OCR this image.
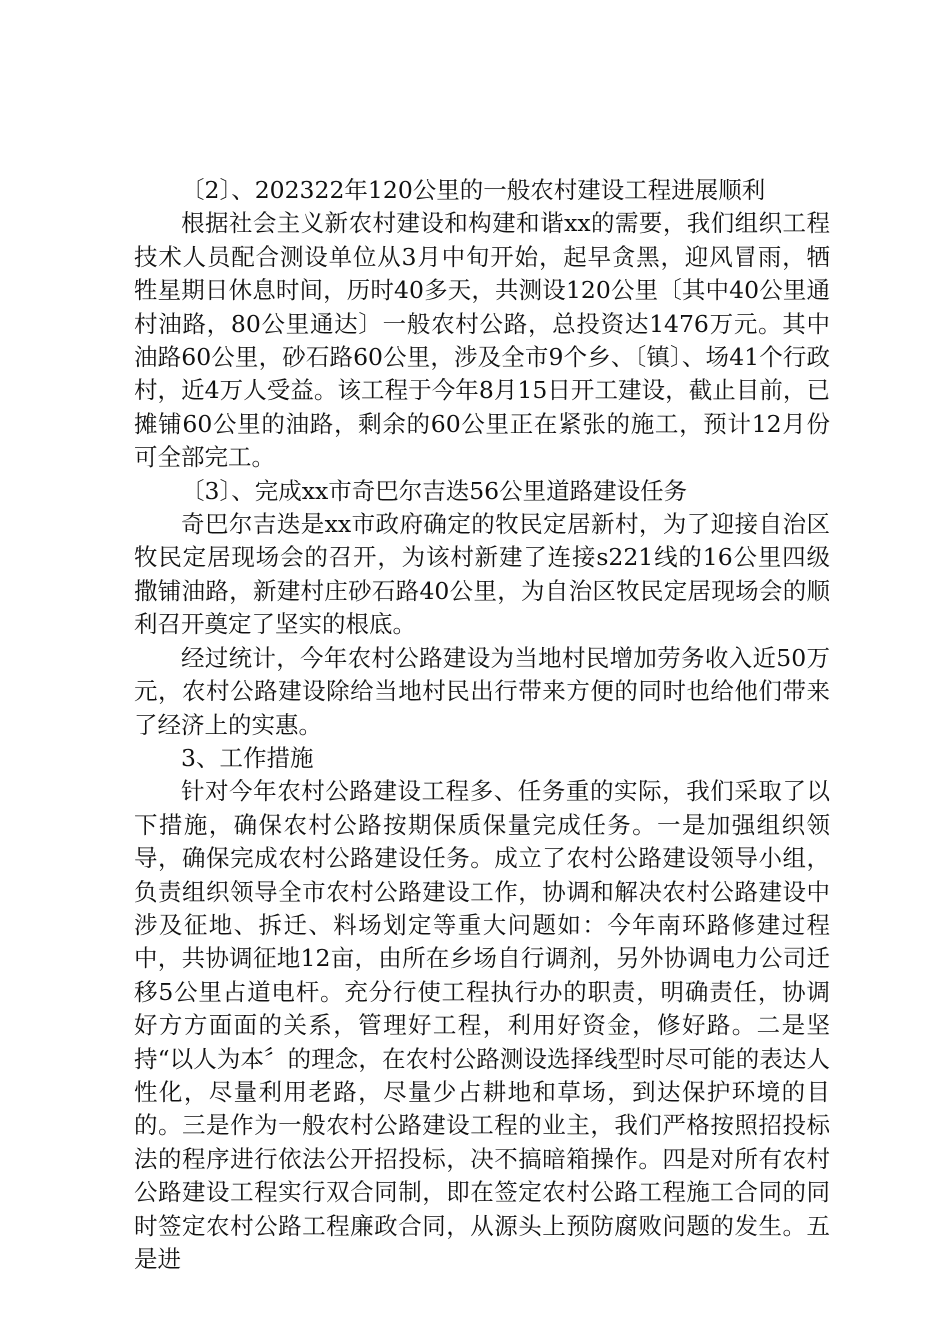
〔2〕、202322年120公里的一般农村建设工程进展顺利

根据社会主义新农村建设和构建和谐xx的需要，我们组织工程技术人员配合测设单位从3月中旬开始，起早贪黑，迎风冒雨，牺牲星期日休息时间，历时40多天，共测设120公里〔其中40公里通村油路，80公里通达〕一般农村公路，总投资达1476万元。其中油路60公里，砂石路60公里，涉及全市9个乡、〔镇〕、场41个行政村，近4万人受益。该工程于今年8月15日开工建设，截止目前，已摊铺60公里的油路，剩余的60公里正在紧张的施工，预计12月份可全部完工。

〔3〕、完成xx市奇巴尔吉迭56公里道路建设任务

奇巴尔吉迭是xx市政府确定的牧民定居新村，为了迎接自治区牧民定居现场会的召开，为该村新建了连接s221线的16公里四级撒铺油路，新建村庄砂石路40公里，为自治区牧民定居现场会的顺利召开奠定了坚实的根底。

经过统计，今年农村公路建设为当地村民增加劳务收入近50万元，农村公路建设除给当地村民出行带来方便的同时也给他们带来了经济上的实惠。

3、工作措施

针对今年农村公路建设工程多、任务重的实际，我们采取了以下措施，确保农村公路按期保质保量完成任务。一是加强组织领导，确保完成农村公路建设任务。成立了农村公路建设领导小组，负责组织领导全市农村公路建设工作，协调和解决农村公路建设中涉及征地、拆迁、料场划定等重大问题如：今年南环路修建过程中，共协调征地12亩，由所在乡场自行调剂，另外协调电力公司迁移5公里占道电杆。充分行使工程执行办的职责，明确责任，协调好方方面面的关系，管理好工程，利用好资金，修好路。二是坚持“以人为本〞的理念，在农村公路测设选择线型时尽可能的表达人性化，尽量利用老路，尽量少占耕地和草场，到达保护环境的目的。三是作为一般农村公路建设工程的业主，我们严格按照招投标法的程序进行依法公开招投标，决不搞暗箱操作。四是对所有农村公路建设工程实行双合同制，即在签定农村公路工程施工合同的同时签定农村公路工程廉政合同，从源头上预防腐败问题的发生。五是进
